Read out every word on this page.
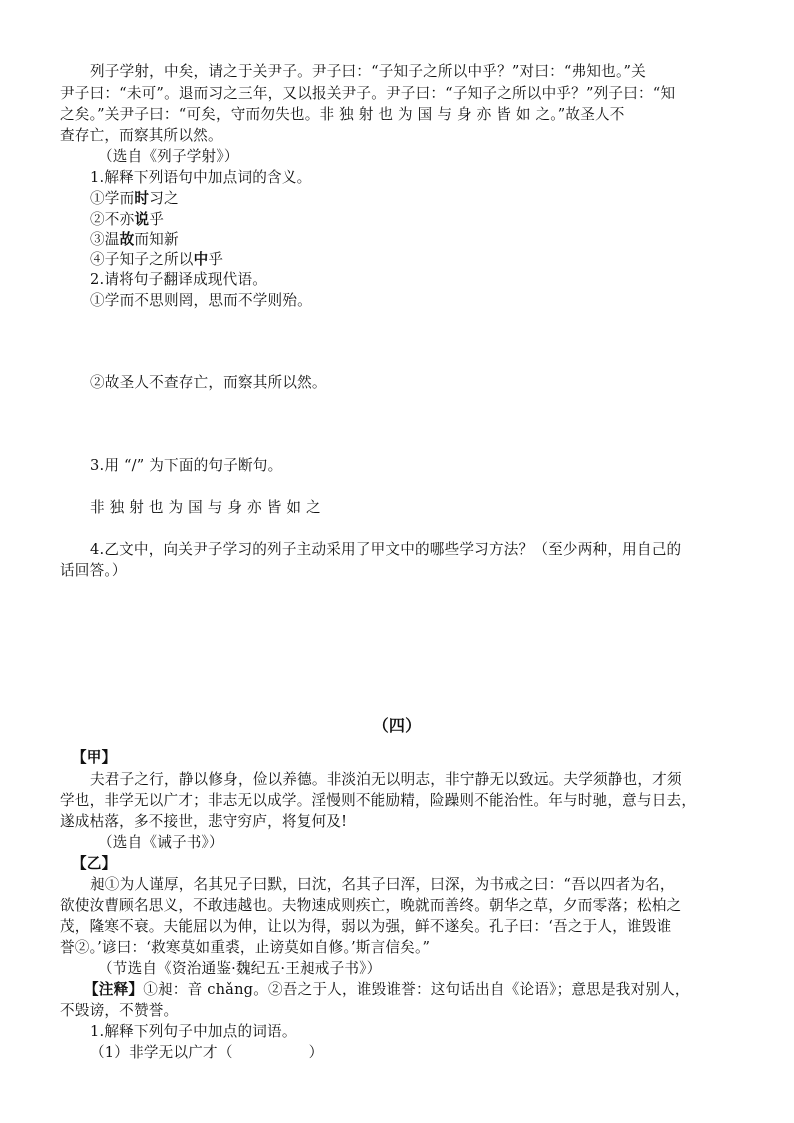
列子学射，中矣，请之于关尹子。尹子曰：“子知子之所以中乎？”对曰：“弗知也。”关
尹子曰：“未可”。退而习之三年，又以报关尹子。尹子曰：“子知子之所以中乎？”列子曰：“知
之矣。”关尹子曰：“可矣，守而勿失也。非 独 射 也 为 国 与 身 亦 皆 如 之。”故圣人不
查存亡，而察其所以然。
（选自《列子学射》）
1.解释下列语句中加点词的含义。
①学而时习之
②不亦说乎
③温故而知新
④子知子之所以中乎
2.请将句子翻译成现代语。
①学而不思则罔，思而不学则殆。
②故圣人不查存亡，而察其所以然。
3.用 “/” 为下面的句子断句。
非 独 射 也 为 国 与 身 亦 皆 如 之
4.乙文中，向关尹子学习的列子主动采用了甲文中的哪些学习方法？（至少两种，用自己的
话回答。）
（四）
【甲】
夫君子之行，静以修身，俭以养德。非淡泊无以明志，非宁静无以致远。夫学须静也，才须
学也，非学无以广才；非志无以成学。淫慢则不能励精，险躁则不能治性。年与时驰，意与日去，
遂成枯落，多不接世，悲守穷庐，将复何及!
（选自《诫子书》）
【乙】
昶①为人谨厚，名其兄子曰默，曰沈，名其子曰浑，曰深，为书戒之曰：“吾以四者为名，
欲使汝曹顾名思义，不敢违越也。夫物速成则疾亡，晚就而善终。朝华之草，夕而零落；松柏之
茂，隆寒不衰。夫能屈以为伸，让以为得，弱以为强，鲜不遂矣。孔子曰：‘吾之于人，谁毁谁
誉②。’谚曰：‘救寒莫如重裘，止谤莫如自修。’斯言信矣。”
（节选自《资治通鉴·魏纪五·王昶戒子书》）
【注释】①昶：音 chǎng。②吾之于人，谁毁谁誉：这句话出自《论语》；意思是我对别人，
不毁谤，不赞誉。
1.解释下列句子中加点的词语。
（1）非学无以广才（	）
